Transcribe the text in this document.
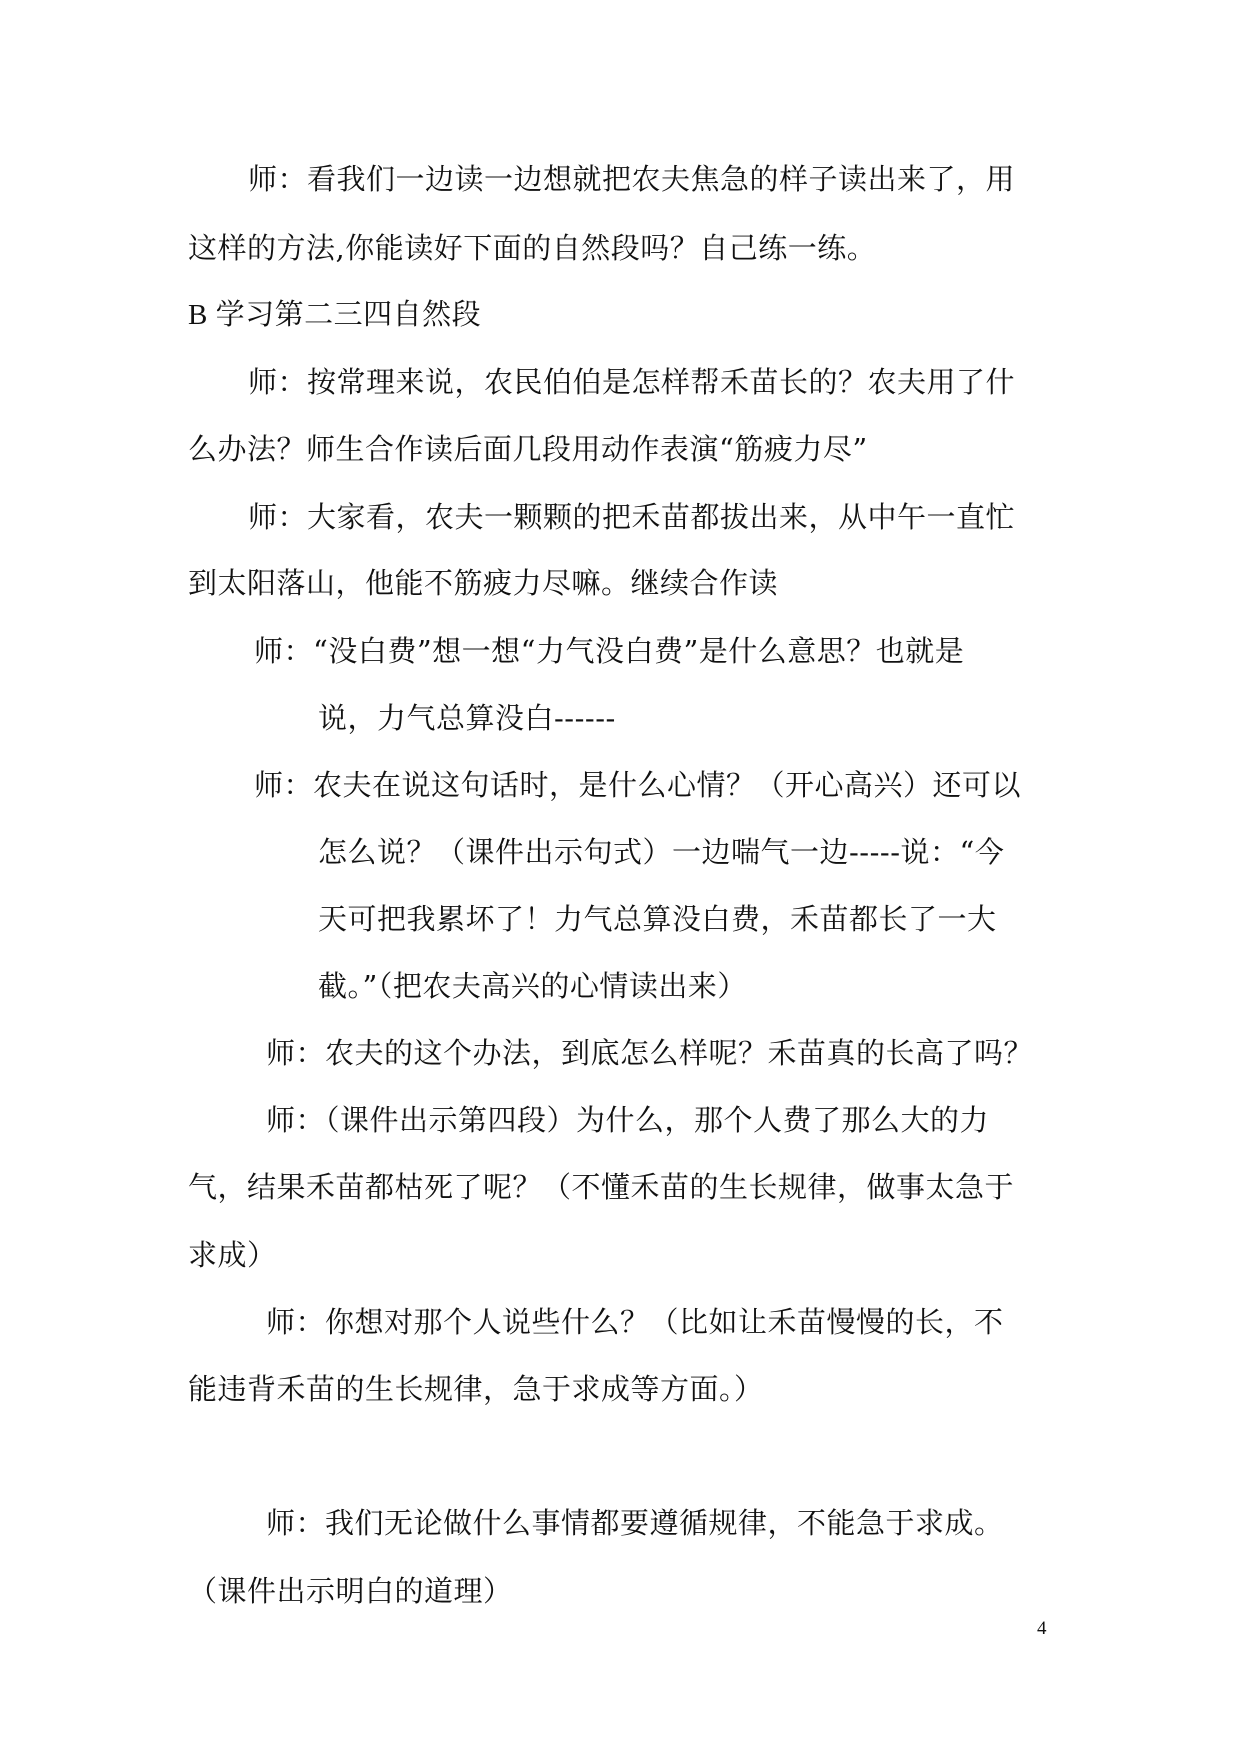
师：看我们一边读一边想就把农夫焦急的样子读出来了，用
这样的方法,你能读好下面的自然段吗？自己练一练。
B 学习第二三四自然段
师：按常理来说，农民伯伯是怎样帮禾苗长的？农夫用了什
么办法？师生合作读后面几段用动作表演“筋疲力尽”
师：大家看，农夫一颗颗的把禾苗都拔出来，从中午一直忙
到太阳落山，他能不筋疲力尽嘛。继续合作读
师：“没白费”想一想“力气没白费”是什么意思？也就是
说，力气总算没白------
师：农夫在说这句话时，是什么心情？（开心高兴）还可以
怎么说？（课件出示句式）一边喘气一边-----说：“今
天可把我累坏了！力气总算没白费，禾苗都长了一大
截。”（把农夫高兴的心情读出来）
师：农夫的这个办法，到底怎么样呢？禾苗真的长高了吗？
师：（课件出示第四段）为什么，那个人费了那么大的力
气，结果禾苗都枯死了呢？（不懂禾苗的生长规律，做事太急于
求成）
师：你想对那个人说些什么？（比如让禾苗慢慢的长，不
能违背禾苗的生长规律，急于求成等方面。）
师：我们无论做什么事情都要遵循规律，不能急于求成。
（课件出示明白的道理）
4
